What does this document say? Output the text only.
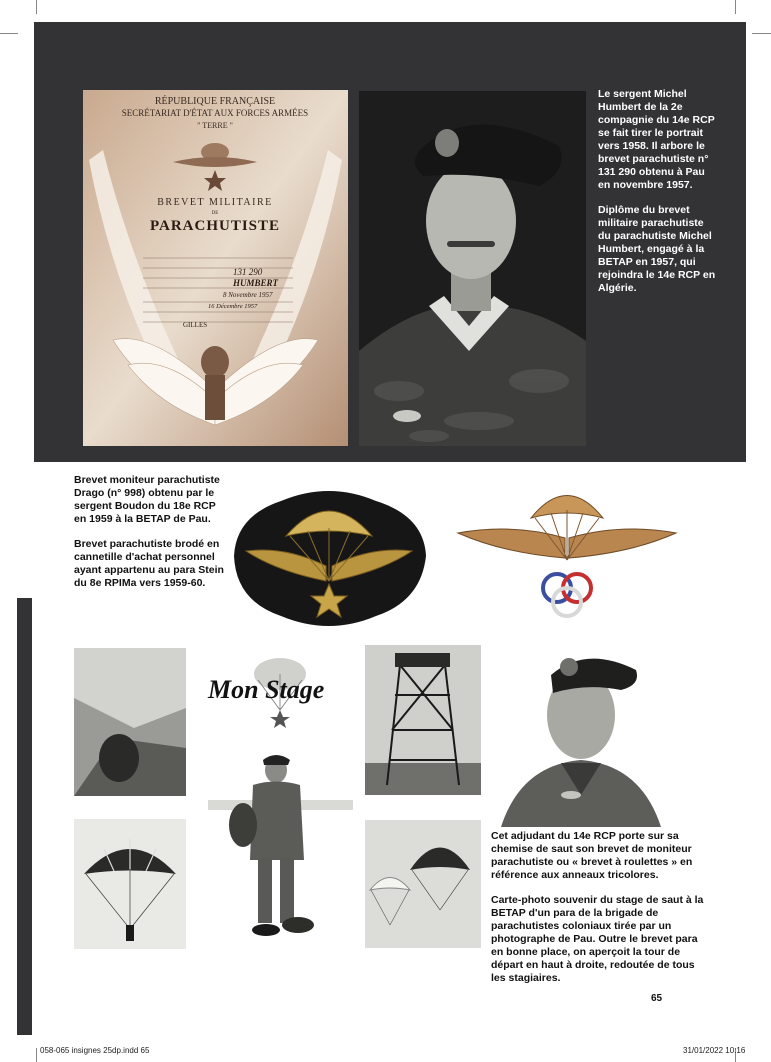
RÉPUBLIQUE FRANÇAISE
SECRÉTARIAT D'ÉTAT AUX FORCES ARMÉES
" TERRE "
BREVET MILITAIRE
DE
PARACHUTISTE
131 290
HUMBERT
8 Novembre 1957
16 Décembre 1957
GILLES

Le sergent Michel Humbert de la 2e compagnie du 14e RCP se fait tirer le portrait vers 1958. Il arbore le brevet parachutiste n° 131 290 obtenu à Pau en novembre 1957.

Diplôme du brevet militaire parachutiste du parachutiste Michel Humbert, engagé à la BETAP en 1957, qui rejoindra le 14e RCP en Algérie.

Brevet moniteur parachutiste Drago (n° 998) obtenu par le sergent Boudon du 18e RCP en 1959 à la BETAP de Pau.

Brevet parachutiste brodé en cannetille d'achat personnel ayant appartenu au para Stein du 8e RPIMa vers 1959-60.

Mon Stage

Cet adjudant du 14e RCP porte sur sa chemise de saut son brevet de moniteur parachutiste ou « brevet à roulettes » en référence aux anneaux tricolores.

Carte-photo souvenir du stage de saut à la BETAP d'un para de la brigade de parachutistes coloniaux tirée par un photographe de Pau. Outre le brevet para en bonne place, on aperçoit la tour de départ en haut à droite, redoutée de tous les stagiaires.

65
058-065 insignes 25dp.indd 65	31/01/2022 10:16
